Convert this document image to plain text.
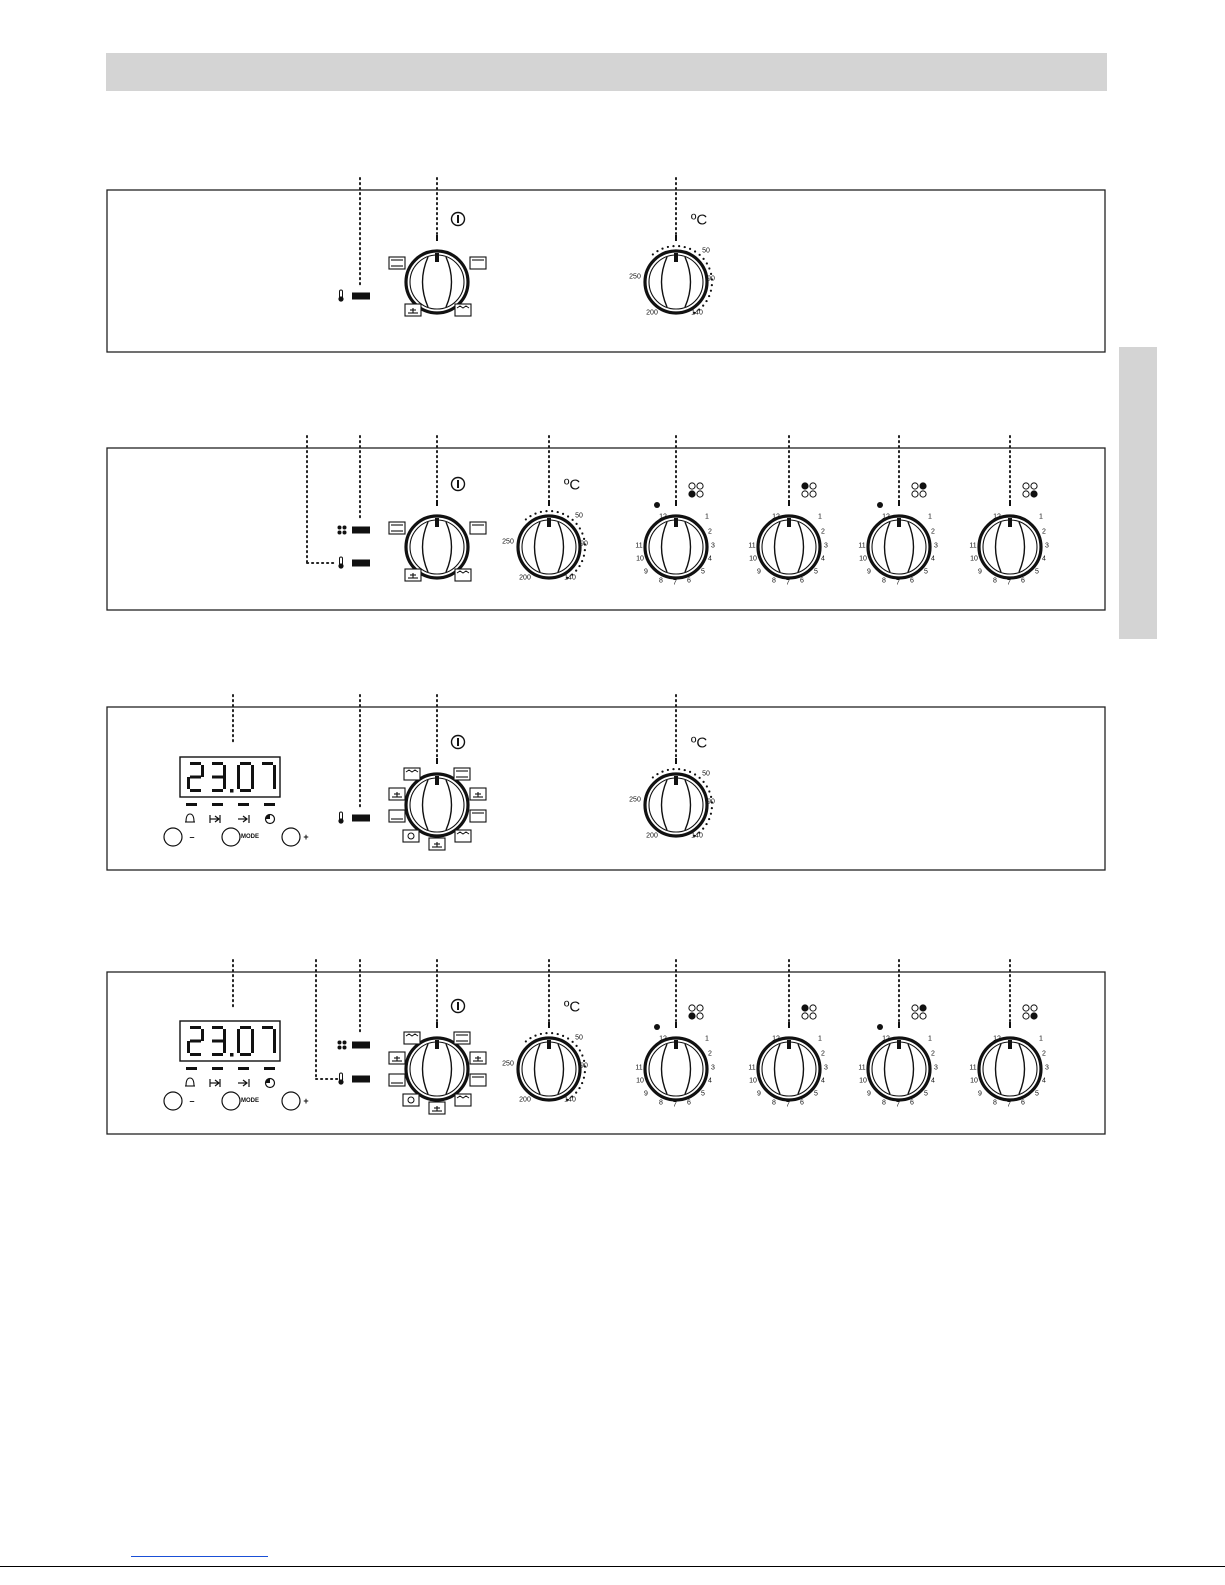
50
90
140
200
250
ºC
50
90
140
200
250
ºC
12	1
2
3
4
5
6
7
8
9
10
11
12	1
2
3
4
5
6
7
8
9
10
11
12	1
2
3
4
5
6
7
8
9
10
11
12	1
2
3
4
5
6
7
8
9
10
11
23.07
–	MODE	+
50
90
140
200
250
ºC
23.07
–	MODE	+
50
90
140
200
250
ºC
12	1
2
3
4
5
6
7
8
9
10
11
12	1
2
3
4
5
6
7
8
9
10
11
12	1
2
3
4
5
6
7
8
9
10
11
12	1
2
3
4
5
6
7
8
9
10
11
